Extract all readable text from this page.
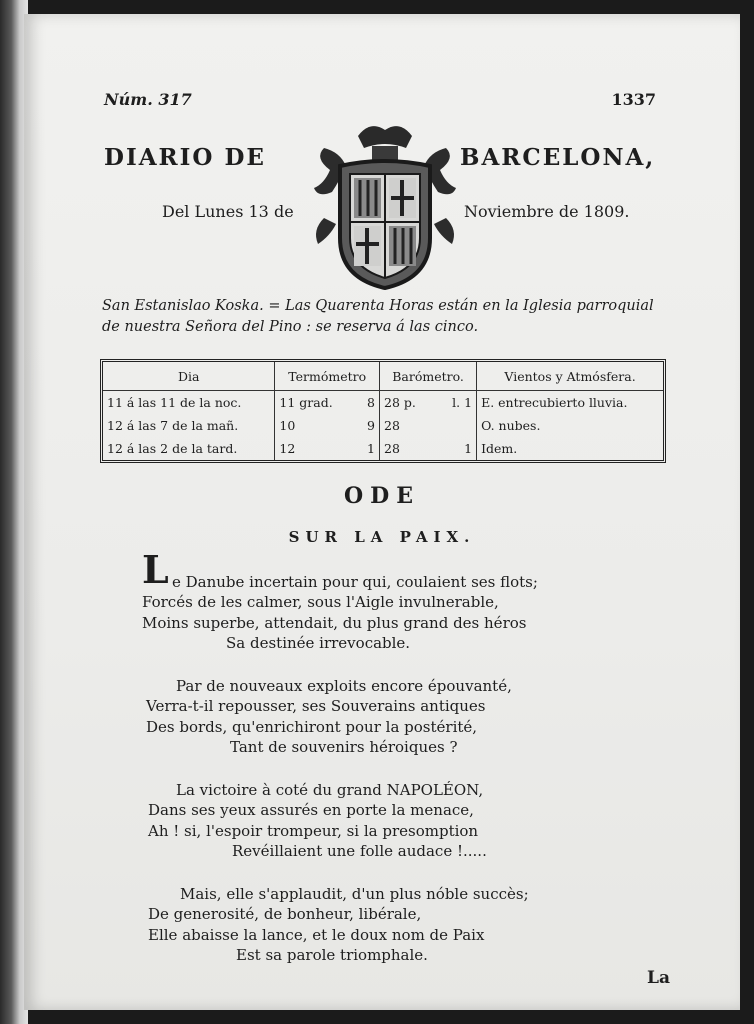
Núm. 317	1337
DIARIO DE	BARCELONA,
Del Lunes 13 de	Noviembre de 1809.
San Estanislao Koska. = Las Quarenta Horas están en la Iglesia parroquial de nuestra Señora del Pino : se reserva á las cinco.
Dia	Termómetro	Barómetro.	Vientos y Atmósfera.
11 á las 11 de la noc.	11 grad. 8	28 p. l. 1	E. entrecubierto lluvia.
12 á las 7 de la mañ.	10 9	28	O. nubes.
12 á las 2 de la tard.	12 1	28 1	Idem.
ODE
SUR LA PAIX.
L e Danube incertain pour qui, coulaient ses flots;
Forcés de les calmer, sous l'Aigle invulnerable,
Moins superbe, attendait, du plus grand des héros
Sa destinée irrevocable.
Par de nouveaux exploits encore épouvanté,
Verra-t-il repousser, ses Souverains antiques
Des bords, qu'enrichiront pour la postérité,
Tant de souvenirs héroiques ?
La victoire à coté du grand NAPOLÉON,
Dans ses yeux assurés en porte la menace,
Ah ! si, l'espoir trompeur, si la presomption
Revéillaient une folle audace !.....
Mais, elle s'applaudit, d'un plus nóble succès;
De generosité, de bonheur, libérale,
Elle abaisse la lance, et le doux nom de Paix
Est sa parole triomphale.
La
